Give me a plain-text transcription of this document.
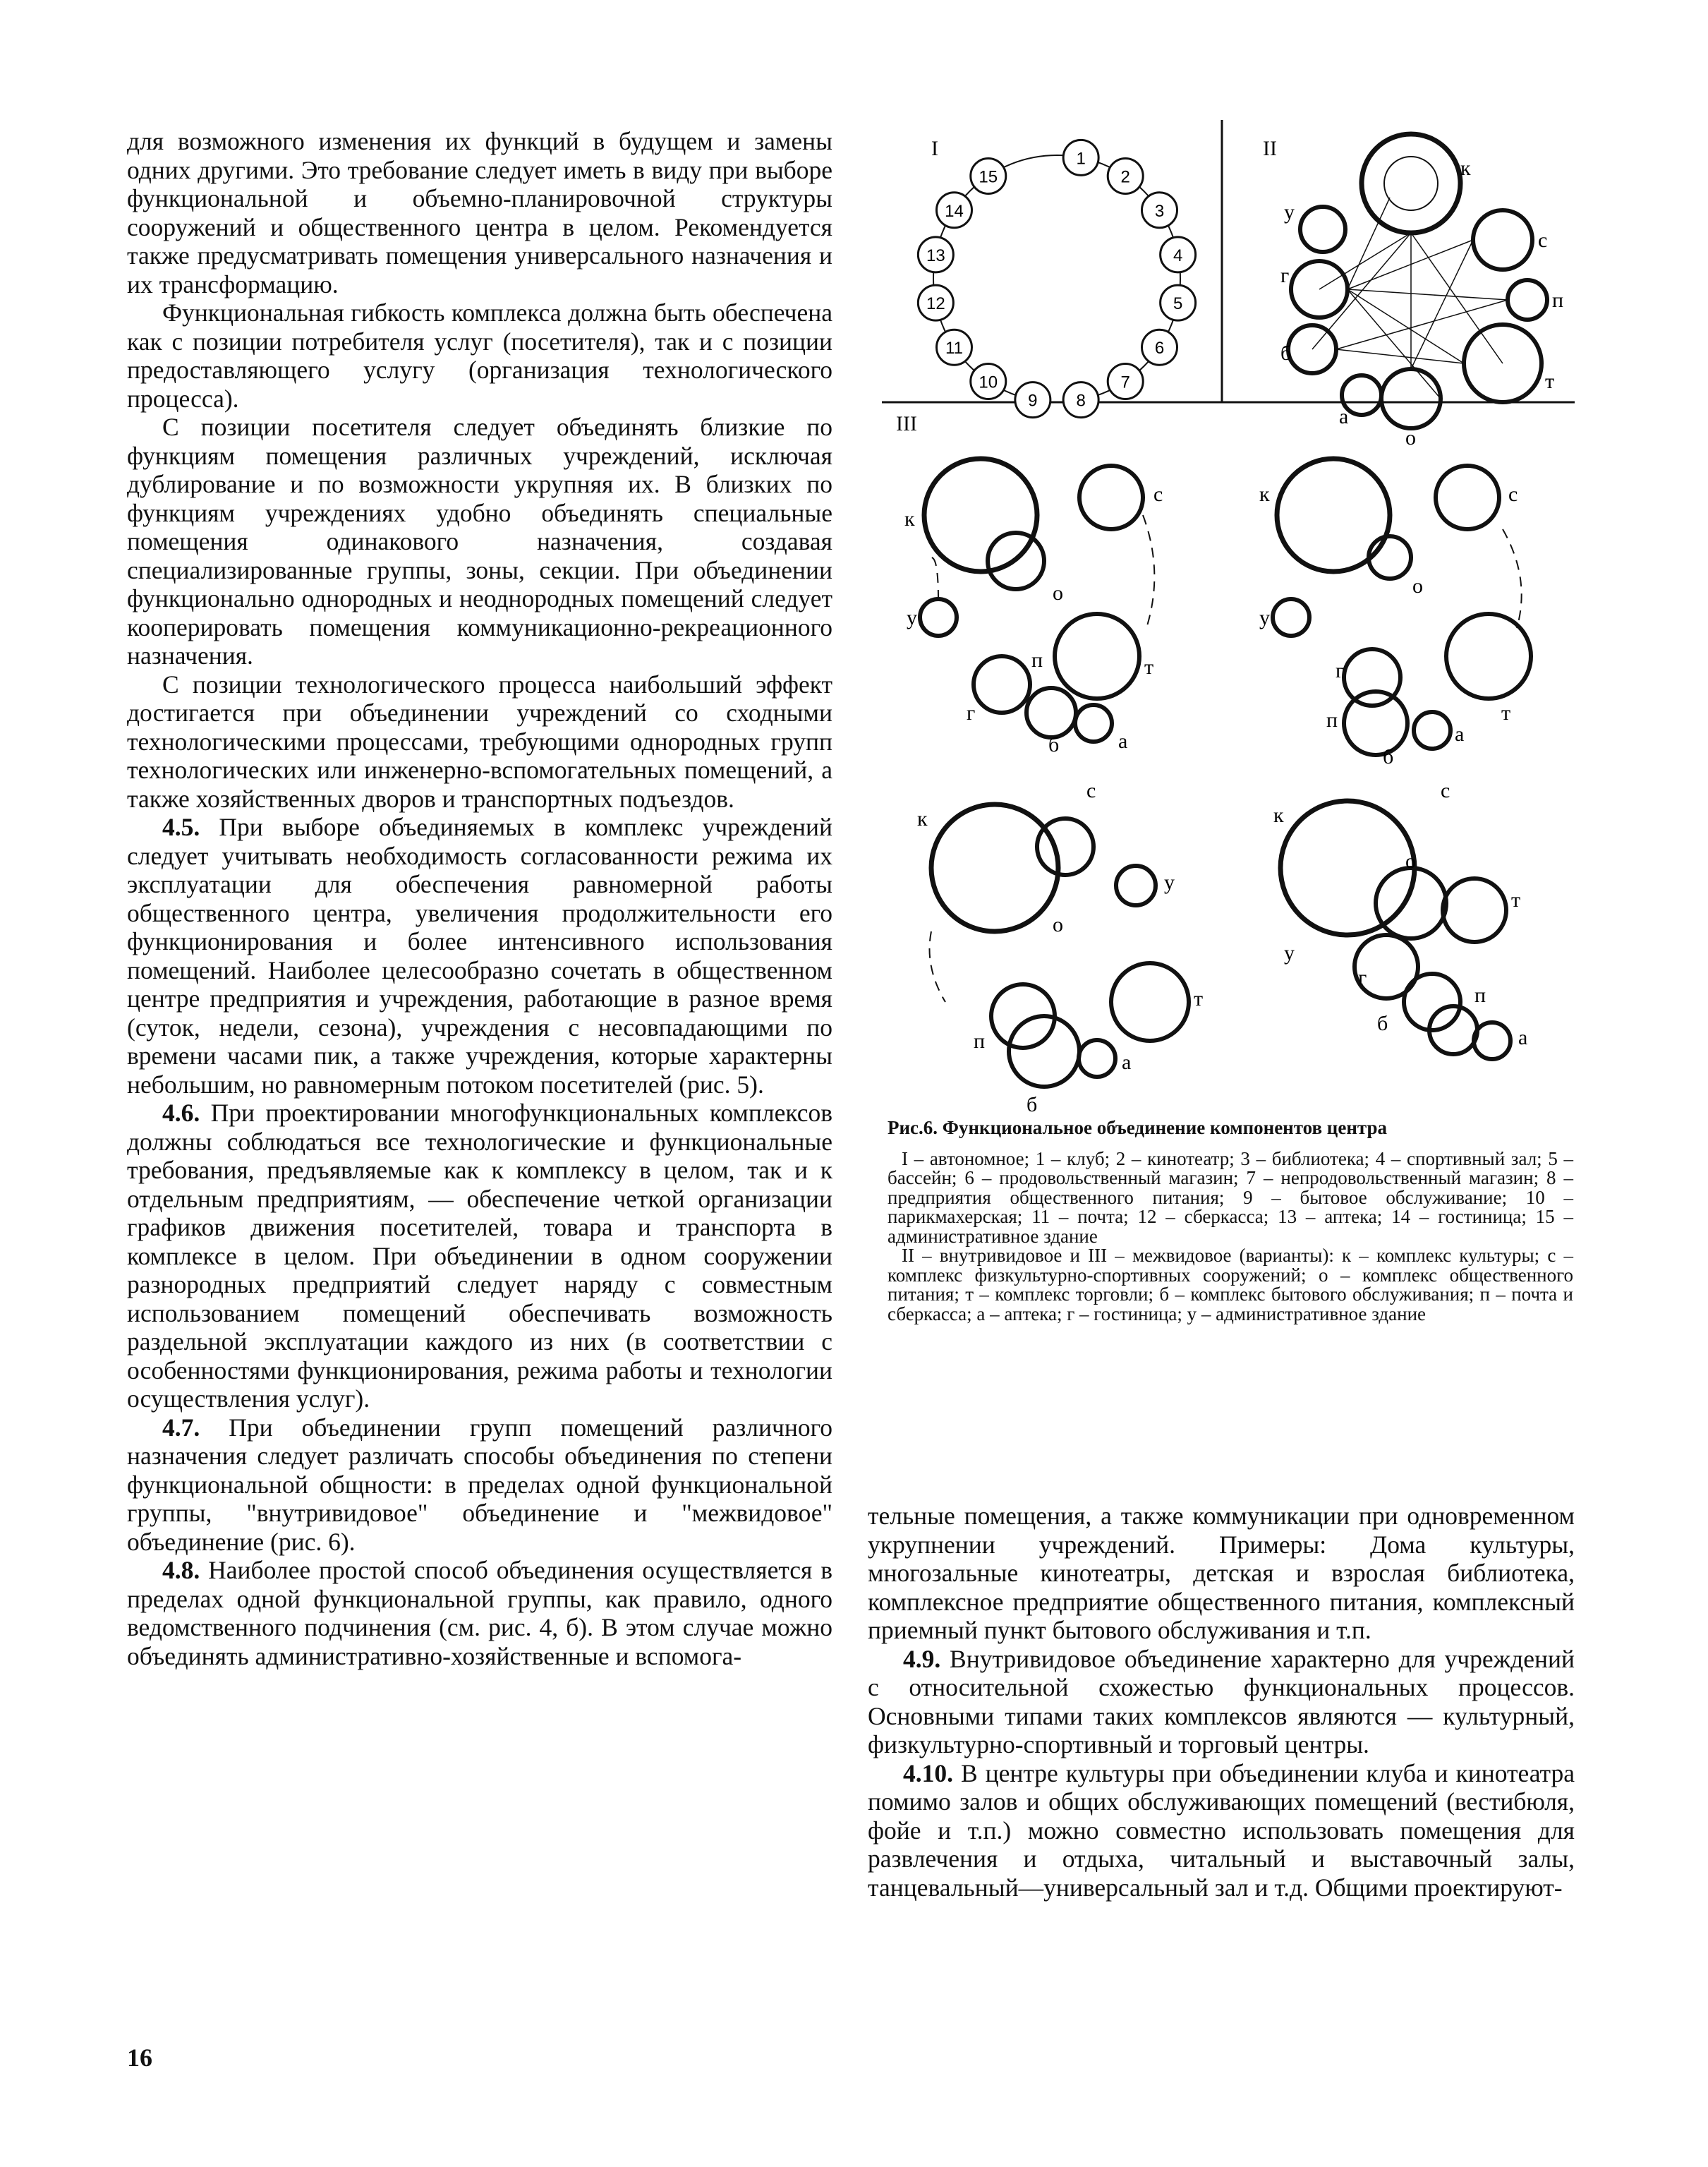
для возможного изменения их функций в будущем и замены одних другими. Это требование следует иметь в виду при выборе функциональной и объемно-планировочной структуры сооружений и общественного центра в целом. Рекомендуется также предусматривать помещения универсального назначения и их трансформацию.

Функциональная гибкость комплекса должна быть обеспечена как с позиции потребителя услуг (посетителя), так и с позиции предоставляющего услугу (организация технологического процесса).

С позиции посетителя следует объединять близкие по функциям помещения различных учреждений, исключая дублирование и по возможности укрупняя их. В близких по функциям учреждениях удобно объединять специальные помещения одинакового назначения, создавая специализированные группы, зоны, секции. При объединении функционально однородных и неоднородных помещений следует кооперировать помещения коммуникационно-рекреационного назначения.

С позиции технологического процесса наибольший эффект достигается при объединении учреждений со сходными технологическими процессами, требующими однородных групп технологических или инженерно-вспомогательных помещений, а также хозяйственных дворов и транспортных подъездов.

4.5. При выборе объединяемых в комплекс учреждений следует учитывать необходимость согласованности режима их эксплуатации для обеспечения равномерной работы общественного центра, увеличения продолжительности его функционирования и более интенсивного использования помещений. Наиболее целесообразно сочетать в общественном центре предприятия и учреждения, работающие в разное время (суток, недели, сезона), учреждения с несовпадающими по времени часами пик, а также учреждения, которые характерны небольшим, но равномерным потоком посетителей (рис. 5).

4.6. При проектировании многофункциональных комплексов должны соблюдаться все технологические и функциональные требования, предъявляемые как к комплексу в целом, так и к отдельным предприятиям, — обеспечение четкой организации графиков движения посетителей, товара и транспорта в комплексе в целом. При объединении в одном сооружении разнородных предприятий следует наряду с совместным использованием помещений обеспечивать возможность раздельной эксплуатации каждого из них (в соответствии с особенностями функционирования, режима работы и технологии осуществления услуг).

4.7. При объединении групп помещений различного назначения следует различать способы объединения по степени функциональной общности: в пределах одной функциональной группы, "внутривидовое" объединение и "межвидовое" объединение (рис. 6).

4.8. Наиболее простой способ объединения осуществляется в пределах одной функциональной группы, как правило, одного ведомственного подчинения (см. рис. 4, б). В этом случае можно объединять административно-хозяйственные и вспомога-

I	II
III
1
2
3
4
5
6
7
8
9
10
11
12
13
14
15	к
с
п
т
о
а
б
г
у
к
с
о
у
п	т
г
б	а
к	с
о
у
т
г
п
б
а
к
с
у
о
т
п
б
а
к
с
т
о
у
г
п
б
а

Рис.6. Функциональное объединение компонентов центра

I – автономное; 1 – клуб; 2 – кинотеатр; 3 – библиотека; 4 – спортивный зал; 5 – бассейн; 6 – продовольственный магазин; 7 – непродовольственный магазин; 8 – предприятия общественного питания; 9 – бытовое обслуживание; 10 – парикмахерская; 11 – почта; 12 – сберкасса; 13 – аптека; 14 – гостиница; 15 – административное здание

II – внутривидовое и III – межвидовое (варианты): к – комплекс культуры; с – комплекс физкультурно-спортивных сооружений; о – комплекс общественного питания; т – комплекс торговли; б – комплекс бытового обслуживания; п – почта и сберкасса; а – аптека; г – гостиница; у – административное здание

тельные помещения, а также коммуникации при одновременном укрупнении учреждений. Примеры: Дома культуры, многозальные кинотеатры, детская и взрослая библиотека, комплексное предприятие общественного питания, комплексный приемный пункт бытового обслуживания и т.п.

4.9. Внутривидовое объединение характерно для учреждений с относительной схожестью функциональных процессов. Основными типами таких комплексов являются — культурный, физкультурно-спортивный и торговый центры.

4.10. В центре культуры при объединении клуба и кинотеатра помимо залов и общих обслуживающих помещений (вестибюля, фойе и т.п.) можно совместно использовать помещения для развлечения и отдыха, читальный и выставочный залы, танцевальный—универсальный зал и т.д. Общими проектируют-

16
